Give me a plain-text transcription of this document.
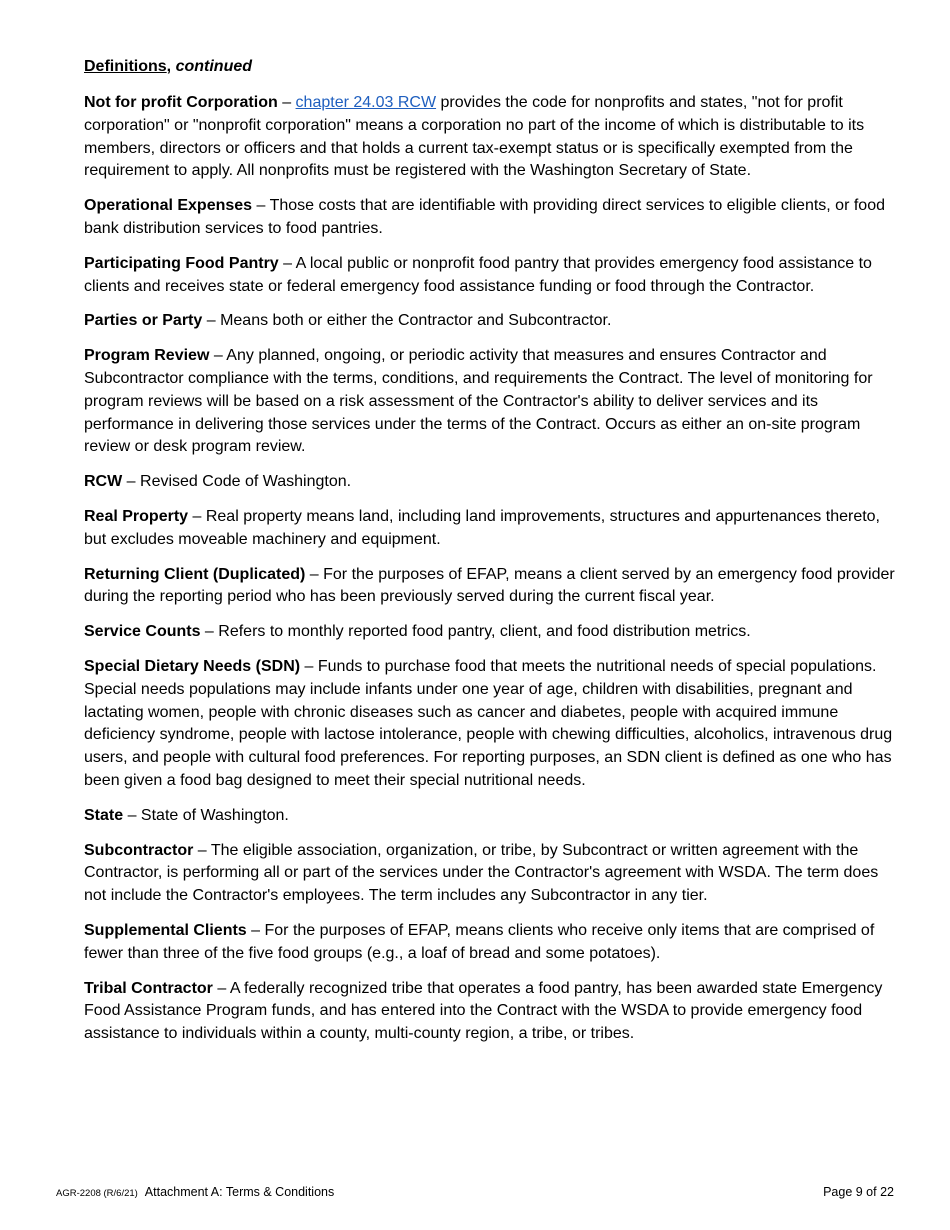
Definitions, continued

Not for profit Corporation – chapter 24.03 RCW provides the code for nonprofits and states, "not for profit corporation" or "nonprofit corporation" means a corporation no part of the income of which is distributable to its members, directors or officers and that holds a current tax-exempt status or is specifically exempted from the requirement to apply. All nonprofits must be registered with the Washington Secretary of State.

Operational Expenses – Those costs that are identifiable with providing direct services to eligible clients, or food bank distribution services to food pantries.

Participating Food Pantry – A local public or nonprofit food pantry that provides emergency food assistance to clients and receives state or federal emergency food assistance funding or food through the Contractor.

Parties or Party – Means both or either the Contractor and Subcontractor.

Program Review – Any planned, ongoing, or periodic activity that measures and ensures Contractor and Subcontractor compliance with the terms, conditions, and requirements the Contract. The level of monitoring for program reviews will be based on a risk assessment of the Contractor's ability to deliver services and its performance in delivering those services under the terms of the Contract. Occurs as either an on-site program review or desk program review.

RCW – Revised Code of Washington.

Real Property – Real property means land, including land improvements, structures and appurtenances thereto, but excludes moveable machinery and equipment.

Returning Client (Duplicated) – For the purposes of EFAP, means a client served by an emergency food provider during the reporting period who has been previously served during the current fiscal year.

Service Counts – Refers to monthly reported food pantry, client, and food distribution metrics.

Special Dietary Needs (SDN) – Funds to purchase food that meets the nutritional needs of special populations. Special needs populations may include infants under one year of age, children with disabilities, pregnant and lactating women, people with chronic diseases such as cancer and diabetes, people with acquired immune deficiency syndrome, people with lactose intolerance, people with chewing difficulties, alcoholics, intravenous drug users, and people with cultural food preferences. For reporting purposes, an SDN client is defined as one who has been given a food bag designed to meet their special nutritional needs.

State – State of Washington.

Subcontractor – The eligible association, organization, or tribe, by Subcontract or written agreement with the Contractor, is performing all or part of the services under the Contractor's agreement with WSDA. The term does not include the Contractor's employees. The term includes any Subcontractor in any tier.

Supplemental Clients – For the purposes of EFAP, means clients who receive only items that are comprised of fewer than three of the five food groups (e.g., a loaf of bread and some potatoes).

Tribal Contractor – A federally recognized tribe that operates a food pantry, has been awarded state Emergency Food Assistance Program funds, and has entered into the Contract with the WSDA to provide emergency food assistance to individuals within a county, multi-county region, a tribe, or tribes.

AGR-2208 (R/6/21) Attachment A: Terms & Conditions	Page 9 of 22
